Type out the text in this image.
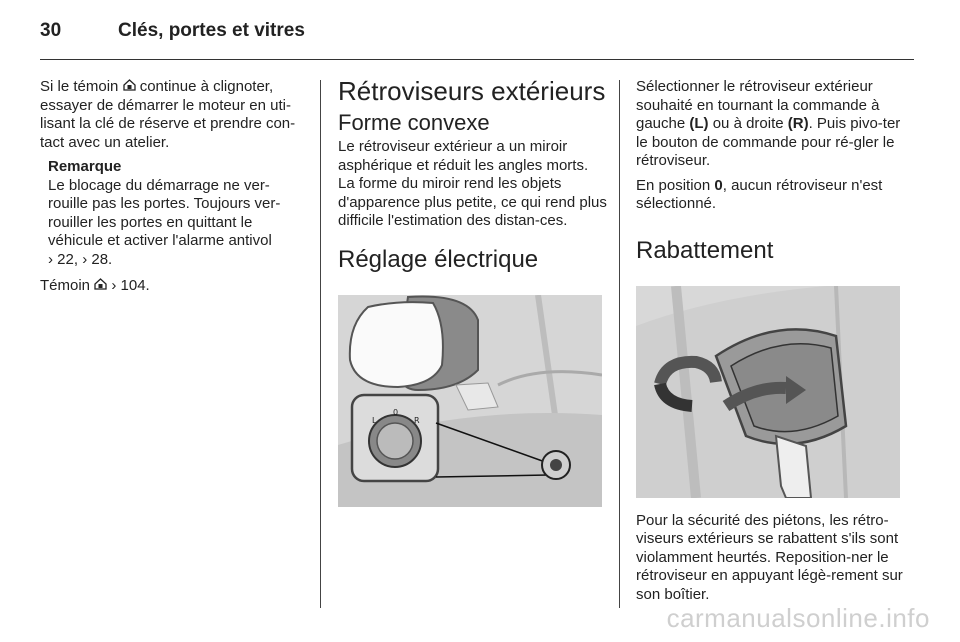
30	Clés, portes et vitres

Si le témoin  continue à clignoter, essayer de démarrer le moteur en uti-lisant la clé de réserve et prendre con-tact avec un atelier.

Remarque
Le blocage du démarrage ne ver-rouille pas les portes. Toujours ver-rouiller les portes en quittant le véhicule et activer l'alarme antivol
› 22, › 28.

Témoin  › 104.

Rétroviseurs extérieurs
Forme convexe

Le rétroviseur extérieur a un miroir asphérique et réduit les angles morts. La forme du miroir rend les objets d'apparence plus petite, ce qui rend plus difficile l'estimation des distan-ces.

Réglage électrique
L
0
R

Sélectionner le rétroviseur extérieur souhaité en tournant la commande à gauche (L) ou à droite (R). Puis pivo-ter le bouton de commande pour ré-gler le rétroviseur.

En position 0, aucun rétroviseur n'est sélectionné.

Rabattement

Pour la sécurité des piétons, les rétro-viseurs extérieurs se rabattent s'ils sont violamment heurtés. Reposition-ner le rétroviseur en appuyant légè-rement sur son boîtier.

carmanualsonline.info
